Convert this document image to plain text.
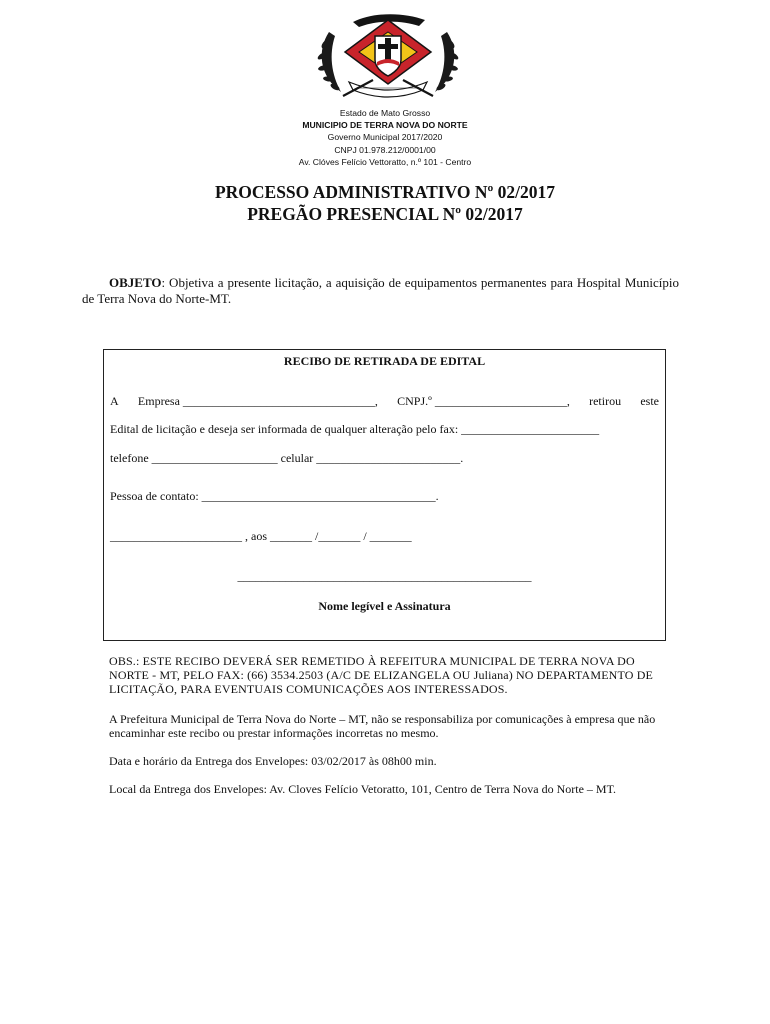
Estado de Mato Grosso
MUNICIPIO DE TERRA NOVA DO NORTE
Governo Municipal 2017/2020
CNPJ 01.978.212/0001/00
Av. Clóves Felício Vettoratto, n.º 101 - Centro
PROCESSO ADMINISTRATIVO Nº 02/2017
PREGÃO PRESENCIAL Nº 02/2017
OBJETO: Objetiva a presente licitação, a aquisição de equipamentos permanentes para Hospital Município de Terra Nova do Norte-MT.
RECIBO DE RETIRADA DE EDITAL
A Empresa ________________________________, CNPJ.º ______________________, retirou este
Edital de licitação e deseja ser informada de qualquer alteração pelo fax: _______________________
telefone _____________________ celular ________________________.
Pessoa de contato: _______________________________________.
______________________ , aos _______ /_______ / _______
_________________________________________________
Nome legível e Assinatura

OBS.: ESTE RECIBO DEVERÁ SER REMETIDO À REFEITURA MUNICIPAL DE TERRA NOVA DO NORTE - MT, PELO FAX: (66) 3534.2503 (A/C DE ELIZANGELA OU Juliana) NO DEPARTAMENTO DE LICITAÇÃO, PARA EVENTUAIS COMUNICAÇÕES AOS INTERESSADOS.

A Prefeitura Municipal de Terra Nova do Norte – MT, não se responsabiliza por comunicações à empresa que não encaminhar este recibo ou prestar informações incorretas no mesmo.

Data e horário da Entrega dos Envelopes: 03/02/2017 às 08h00 min.

Local da Entrega dos Envelopes: Av. Cloves Felício Vetoratto, 101, Centro de Terra Nova do Norte – MT.
